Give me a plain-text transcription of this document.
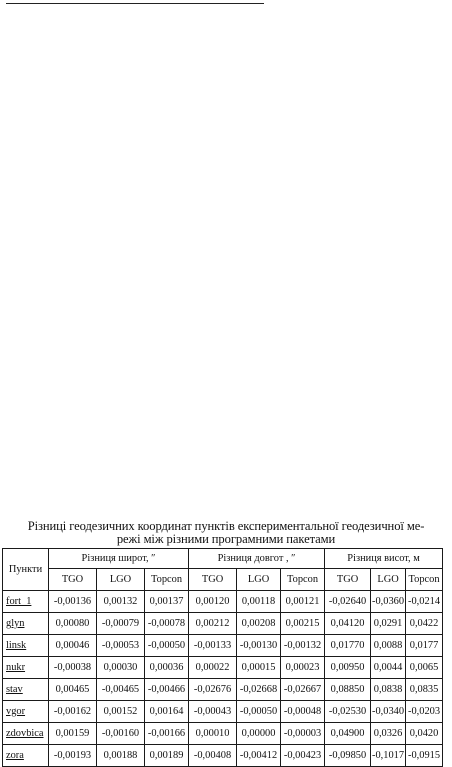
Різниці геодезичних координат пунктів експериментальної геодезичної ме-
режі між різними програмними пакетами
Пункти	Різниця широт, ″			Різниця довгот , ″			Різниця висот, м		
	TGO	LGO	Topcon	TGO	LGO	Topcon	TGO	LGO	Topcon
fort_1	-0,00136	0,00132	0,00137	0,00120	0,00118	0,00121	-0,02640	-0,0360	-0,0214
glyn	0,00080	-0,00079	-0,00078	0,00212	0,00208	0,00215	0,04120	0,0291	0,0422
linsk	0,00046	-0,00053	-0,00050	-0,00133	-0,00130	-0,00132	0,01770	0,0088	0,0177
nukr	-0,00038	0,00030	0,00036	0,00022	0,00015	0,00023	0,00950	0,0044	0,0065
stav	0,00465	-0,00465	-0,00466	-0,02676	-0,02668	-0,02667	0,08850	0,0838	0,0835
vgor	-0,00162	0,00152	0,00164	-0,00043	-0,00050	-0,00048	-0,02530	-0,0340	-0,0203
zdovbica	0,00159	-0,00160	-0,00166	0,00010	0,00000	-0,00003	0,04900	0,0326	0,0420
zora	-0,00193	0,00188	0,00189	-0,00408	-0,00412	-0,00423	-0,09850	-0,1017	-0,0915
